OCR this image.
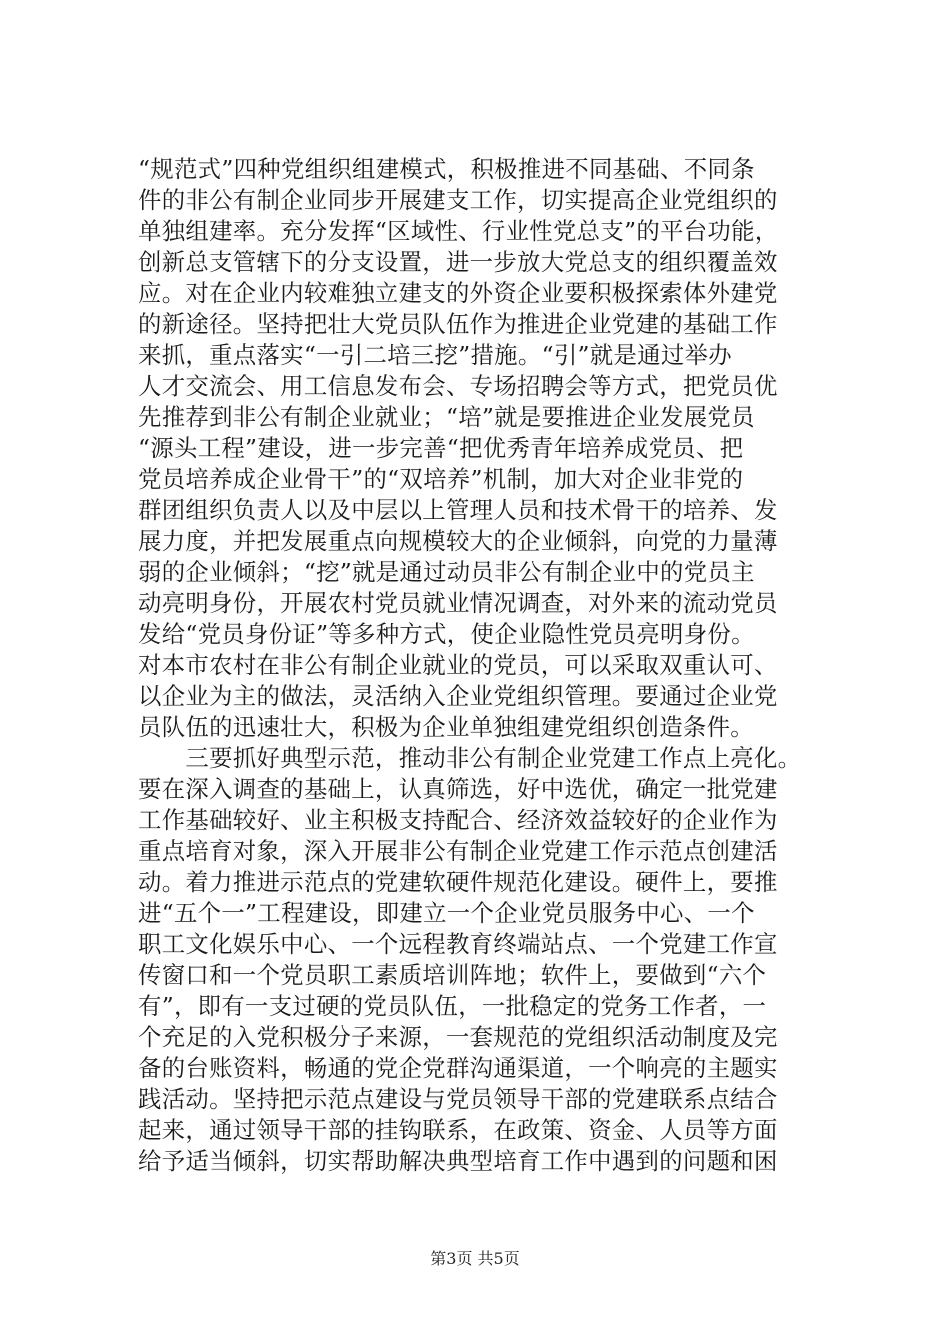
“规范式”四种党组织组建模式，积极推进不同基础、不同条
件的非公有制企业同步开展建支工作，切实提高企业党组织的
单独组建率。充分发挥“区域性、行业性党总支”的平台功能，
创新总支管辖下的分支设置，进一步放大党总支的组织覆盖效
应。对在企业内较难独立建支的外资企业要积极探索体外建党
的新途径。坚持把壮大党员队伍作为推进企业党建的基础工作
来抓，重点落实“一引二培三挖”措施。“引”就是通过举办
人才交流会、用工信息发布会、专场招聘会等方式，把党员优
先推荐到非公有制企业就业；“培”就是要推进企业发展党员
“源头工程”建设，进一步完善“把优秀青年培养成党员、把
党员培养成企业骨干”的“双培养”机制，加大对企业非党的
群团组织负责人以及中层以上管理人员和技术骨干的培养、发
展力度，并把发展重点向规模较大的企业倾斜，向党的力量薄
弱的企业倾斜；“挖”就是通过动员非公有制企业中的党员主
动亮明身份，开展农村党员就业情况调查，对外来的流动党员
发给“党员身份证”等多种方式，使企业隐性党员亮明身份。
对本市农村在非公有制企业就业的党员，可以采取双重认可、
以企业为主的做法，灵活纳入企业党组织管理。要通过企业党
员队伍的迅速壮大，积极为企业单独组建党组织创造条件。
　　三要抓好典型示范，推动非公有制企业党建工作点上亮化。
要在深入调查的基础上，认真筛选，好中选优，确定一批党建
工作基础较好、业主积极支持配合、经济效益较好的企业作为
重点培育对象，深入开展非公有制企业党建工作示范点创建活
动。着力推进示范点的党建软硬件规范化建设。硬件上，要推
进“五个一”工程建设，即建立一个企业党员服务中心、一个
职工文化娱乐中心、一个远程教育终端站点、一个党建工作宣
传窗口和一个党员职工素质培训阵地；软件上，要做到“六个
有”，即有一支过硬的党员队伍，一批稳定的党务工作者，一
个充足的入党积极分子来源，一套规范的党组织活动制度及完
备的台账资料，畅通的党企党群沟通渠道，一个响亮的主题实
践活动。坚持把示范点建设与党员领导干部的党建联系点结合
起来，通过领导干部的挂钩联系，在政策、资金、人员等方面
给予适当倾斜，切实帮助解决典型培育工作中遇到的问题和困
第3页 共5页
